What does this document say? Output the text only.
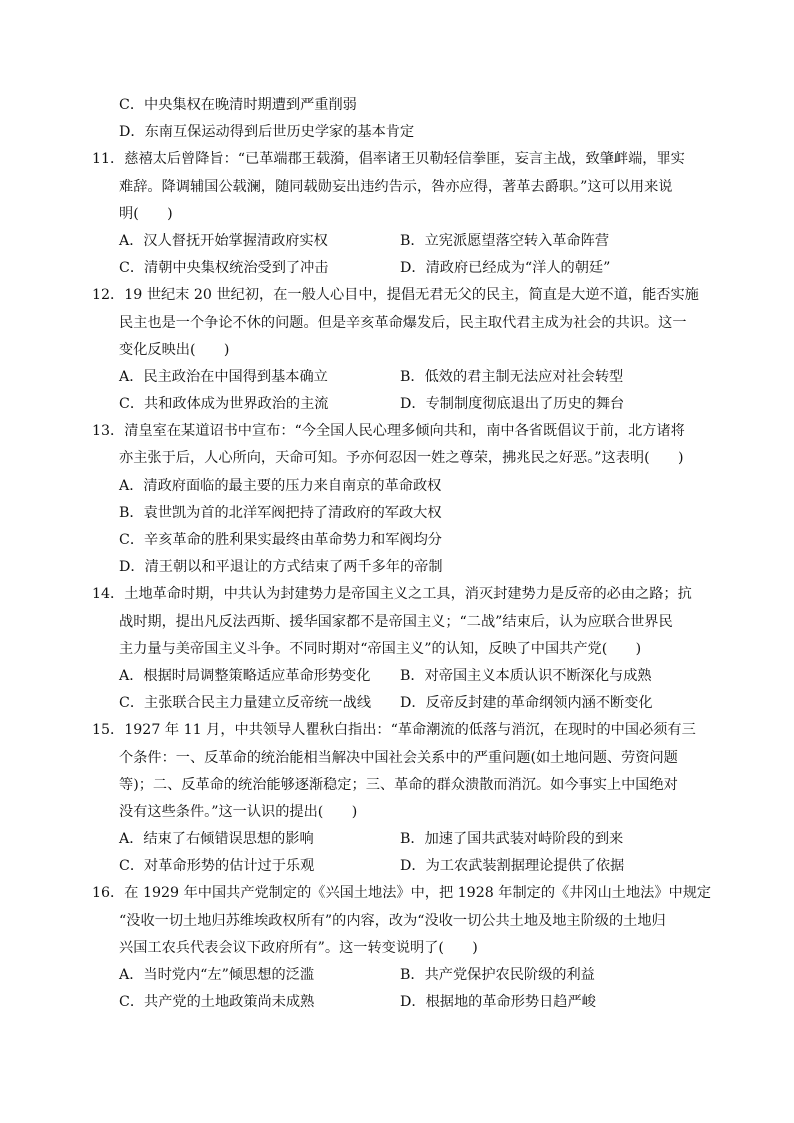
C．中央集权在晚清时期遭到严重削弱
D．东南互保运动得到后世历史学家的基本肯定
11．慈禧太后曾降旨：“已革端郡王载漪，倡率诸王贝勒轻信拳匪，妄言主战，致肇衅端，罪实
难辞。降调辅国公载澜，随同载勋妄出违约告示，咎亦应得，著革去爵职。”这可以用来说
明(　　)
A．汉人督抚开始掌握清政府实权	B．立宪派愿望落空转入革命阵营
C．清朝中央集权统治受到了冲击	D．清政府已经成为“洋人的朝廷”
12．19 世纪末 20 世纪初，在一般人心目中，提倡无君无父的民主，简直是大逆不道，能否实施
民主也是一个争论不休的问题。但是辛亥革命爆发后，民主取代君主成为社会的共识。这一
变化反映出(　　)
A．民主政治在中国得到基本确立	B．低效的君主制无法应对社会转型
C．共和政体成为世界政治的主流	D．专制制度彻底退出了历史的舞台
13．清皇室在某道诏书中宣布：“今全国人民心理多倾向共和，南中各省既倡议于前，北方诸将
亦主张于后，人心所向，天命可知。予亦何忍因一姓之尊荣，拂兆民之好恶。”这表明(　　)
A．清政府面临的最主要的压力来自南京的革命政权
B．袁世凯为首的北洋军阀把持了清政府的军政大权
C．辛亥革命的胜利果实最终由革命势力和军阀均分
D．清王朝以和平退让的方式结束了两千多年的帝制
14．土地革命时期，中共认为封建势力是帝国主义之工具，消灭封建势力是反帝的必由之路；抗
战时期，提出凡反法西斯、援华国家都不是帝国主义；“二战”结束后，认为应联合世界民
主力量与美帝国主义斗争。不同时期对“帝国主义”的认知，反映了中国共产党(　　)
A．根据时局调整策略适应革命形势变化 B．对帝国主义本质认识不断深化与成熟
C．主张联合民主力量建立反帝统一战线 D．反帝反封建的革命纲领内涵不断变化
15．1927 年 11 月，中共领导人瞿秋白指出：“革命潮流的低落与消沉，在现时的中国必须有三
个条件：一、反革命的统治能相当解决中国社会关系中的严重问题(如土地问题、劳资问题
等)；二、反革命的统治能够逐渐稳定；三、革命的群众溃散而消沉。如今事实上中国绝对
没有这些条件。”这一认识的提出(　　)
A．结束了右倾错误思想的影响	B．加速了国共武装对峙阶段的到来
C．对革命形势的估计过于乐观	D．为工农武装割据理论提供了依据
16．在 1929 年中国共产党制定的《兴国土地法》中，把 1928 年制定的《井冈山土地法》中规定
“没收一切土地归苏维埃政权所有”的内容，改为“没收一切公共土地及地主阶级的土地归
兴国工农兵代表会议下政府所有”。这一转变说明了(　　)
A．当时党内“左”倾思想的泛滥	B．共产党保护农民阶级的利益
C．共产党的土地政策尚未成熟	D．根据地的革命形势日趋严峻
